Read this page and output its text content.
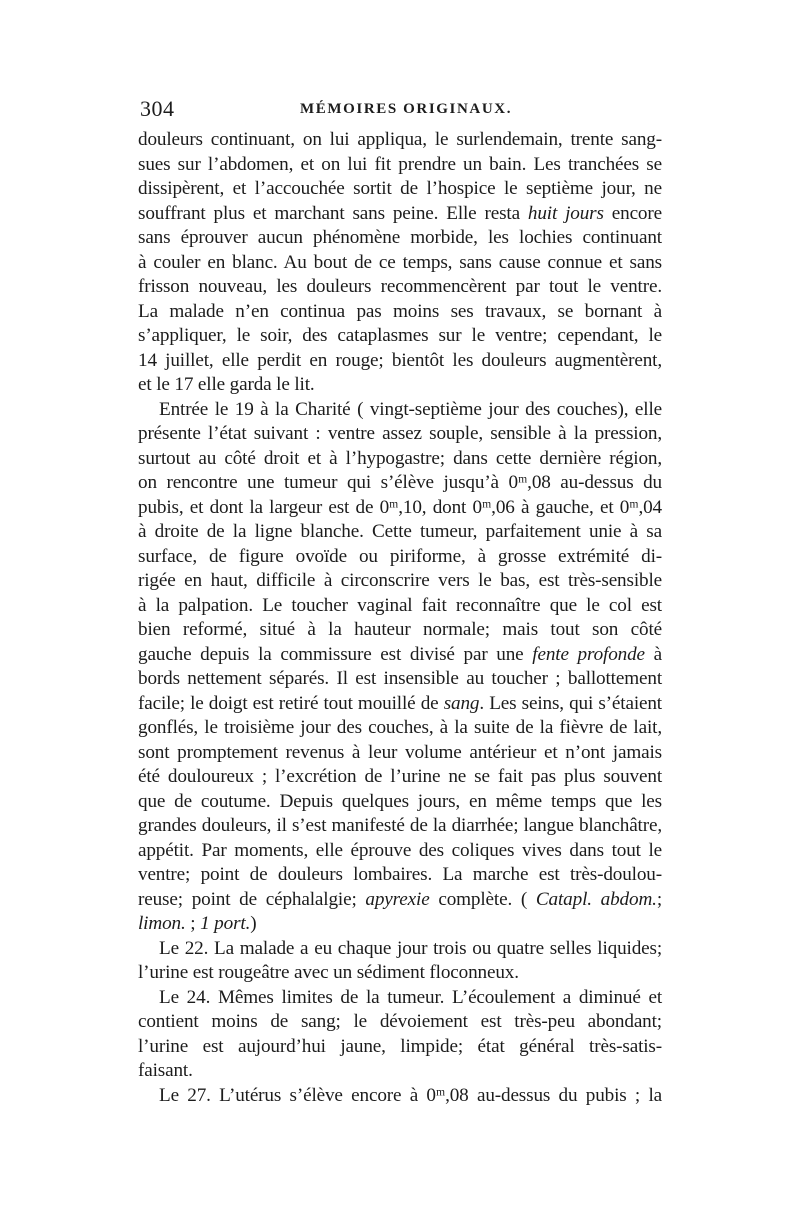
304	MÉMOIRES ORIGINAUX.
douleurs continuant, on lui appliqua, le surlendemain, trente sang-
sues sur l’abdomen, et on lui fit prendre un bain. Les tranchées se
dissipèrent, et l’accouchée sortit de l’hospice le septième jour, ne
souffrant plus et marchant sans peine. Elle resta huit jours encore
sans éprouver aucun phénomène morbide, les lochies continuant
à couler en blanc. Au bout de ce temps, sans cause connue et sans
frisson nouveau, les douleurs recommencèrent par tout le ventre.
La malade n’en continua pas moins ses travaux, se bornant à
s’appliquer, le soir, des cataplasmes sur le ventre; cependant, le
14 juillet, elle perdit en rouge; bientôt les douleurs augmentèrent,
et le 17 elle garda le lit.
Entrée le 19 à la Charité ( vingt-septième jour des couches), elle
présente l’état suivant : ventre assez souple, sensible à la pression,
surtout au côté droit et à l’hypogastre; dans cette dernière région,
on rencontre une tumeur qui s’élève jusqu’à 0ᵐ,08 au-dessus du
pubis, et dont la largeur est de 0ᵐ,10, dont 0ᵐ,06 à gauche, et 0ᵐ,04
à droite de la ligne blanche. Cette tumeur, parfaitement unie à sa
surface, de figure ovoïde ou piriforme, à grosse extrémité di-
rigée en haut, difficile à circonscrire vers le bas, est très-sensible
à la palpation. Le toucher vaginal fait reconnaître que le col est
bien reformé, situé à la hauteur normale; mais tout son côté
gauche depuis la commissure est divisé par une fente profonde à
bords nettement séparés. Il est insensible au toucher ; ballottement
facile; le doigt est retiré tout mouillé de sang. Les seins, qui s’étaient
gonflés, le troisième jour des couches, à la suite de la fièvre de lait,
sont promptement revenus à leur volume antérieur et n’ont jamais
été douloureux ; l’excrétion de l’urine ne se fait pas plus souvent
que de coutume. Depuis quelques jours, en même temps que les
grandes douleurs, il s’est manifesté de la diarrhée; langue blanchâtre,
appétit. Par moments, elle éprouve des coliques vives dans tout le
ventre; point de douleurs lombaires. La marche est très-doulou-
reuse; point de céphalalgie; apyrexie complète. ( Catapl. abdom.;
limon. ; 1 port.)
Le 22. La malade a eu chaque jour trois ou quatre selles liquides;
l’urine est rougeâtre avec un sédiment floconneux.
Le 24. Mêmes limites de la tumeur. L’écoulement a diminué et
contient moins de sang; le dévoiement est très-peu abondant;
l’urine est aujourd’hui jaune, limpide; état général très-satis-
faisant.
Le 27. L’utérus s’élève encore à 0ᵐ,08 au-dessus du pubis ; la
